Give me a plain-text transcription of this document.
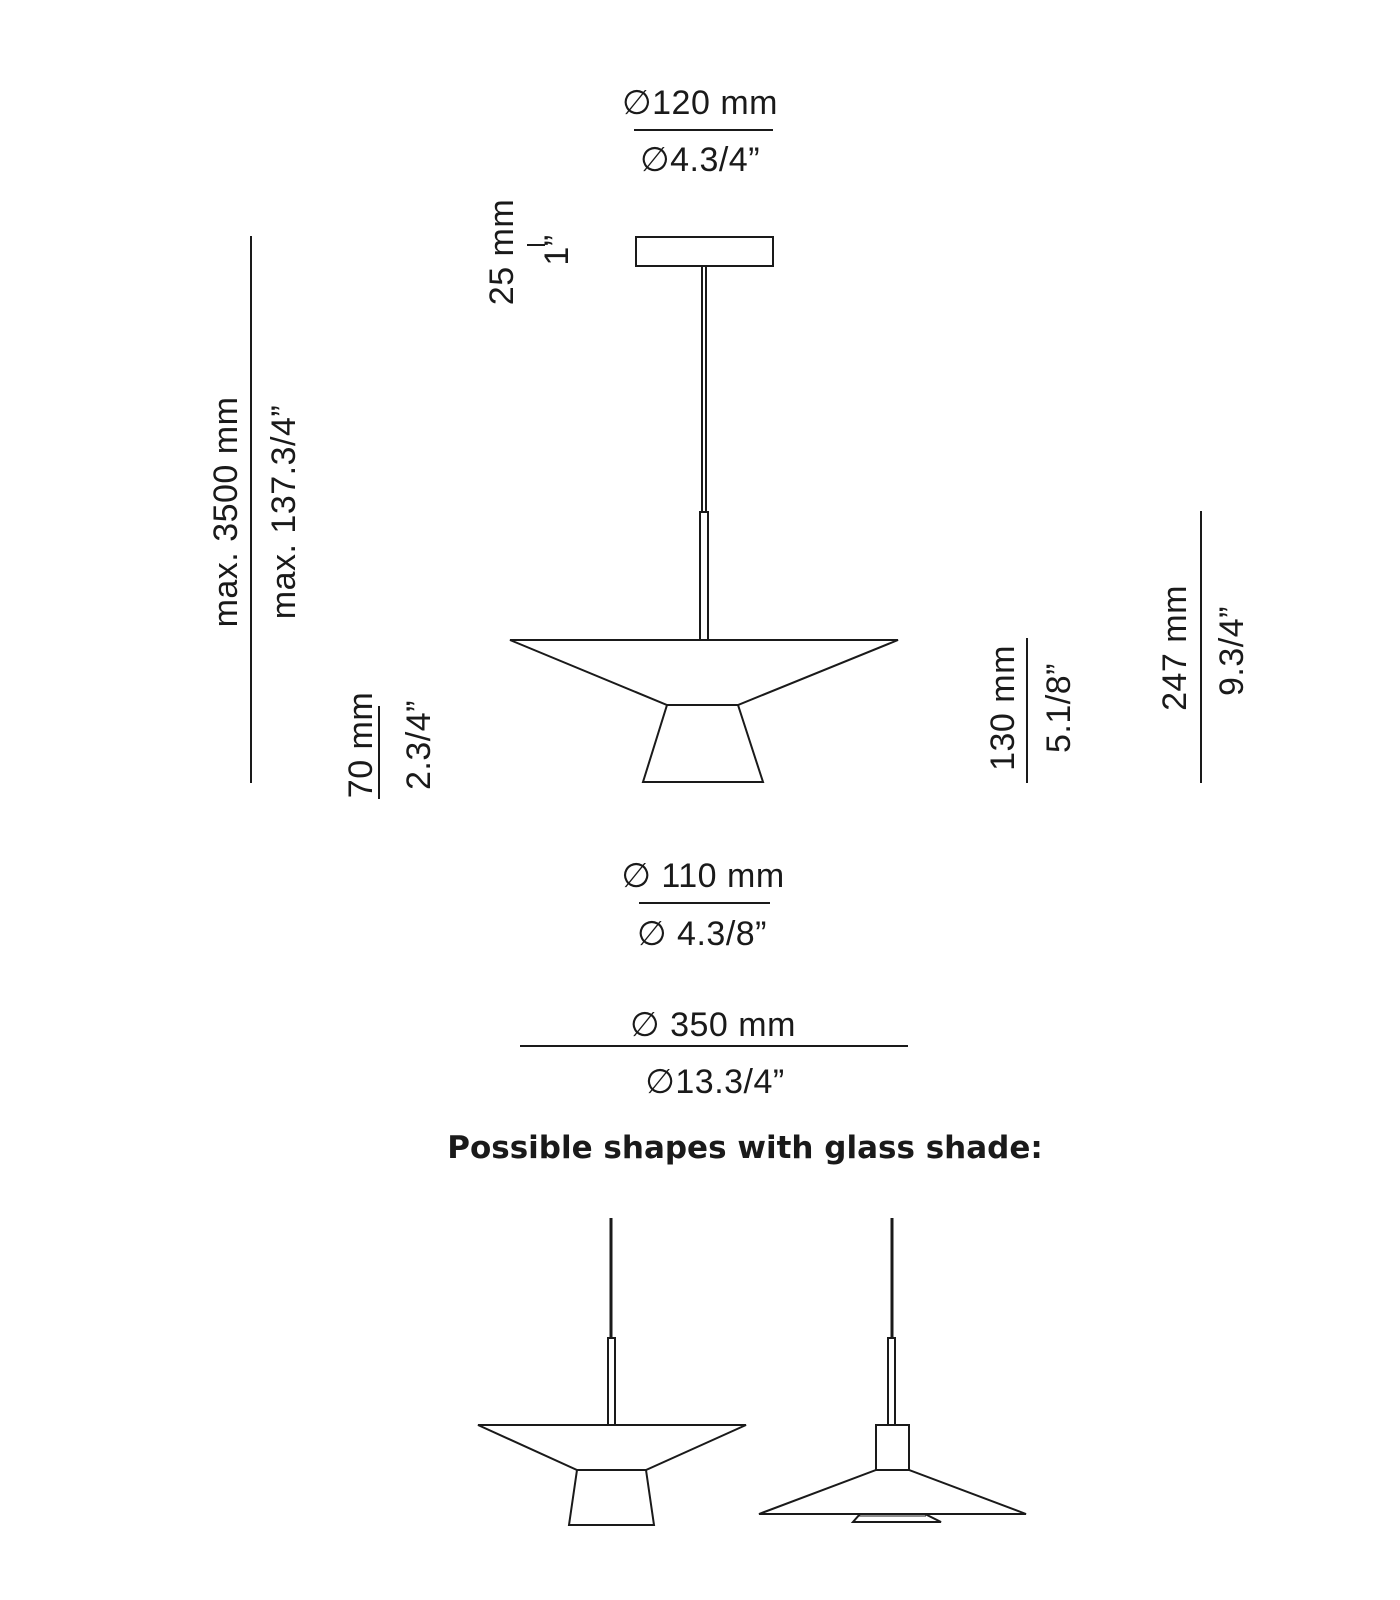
∅120 mm
∅4.3/4”
25 mm 1”
max. 3500 mm max. 137.3/4”
70 mm 2.3/4”	130 mm 5.1/8” 247 mm 9.3/4”
∅ 110 mm
∅ 4.3/8”
∅ 350 mm
∅13.3/4”
Possible shapes with glass shade:
